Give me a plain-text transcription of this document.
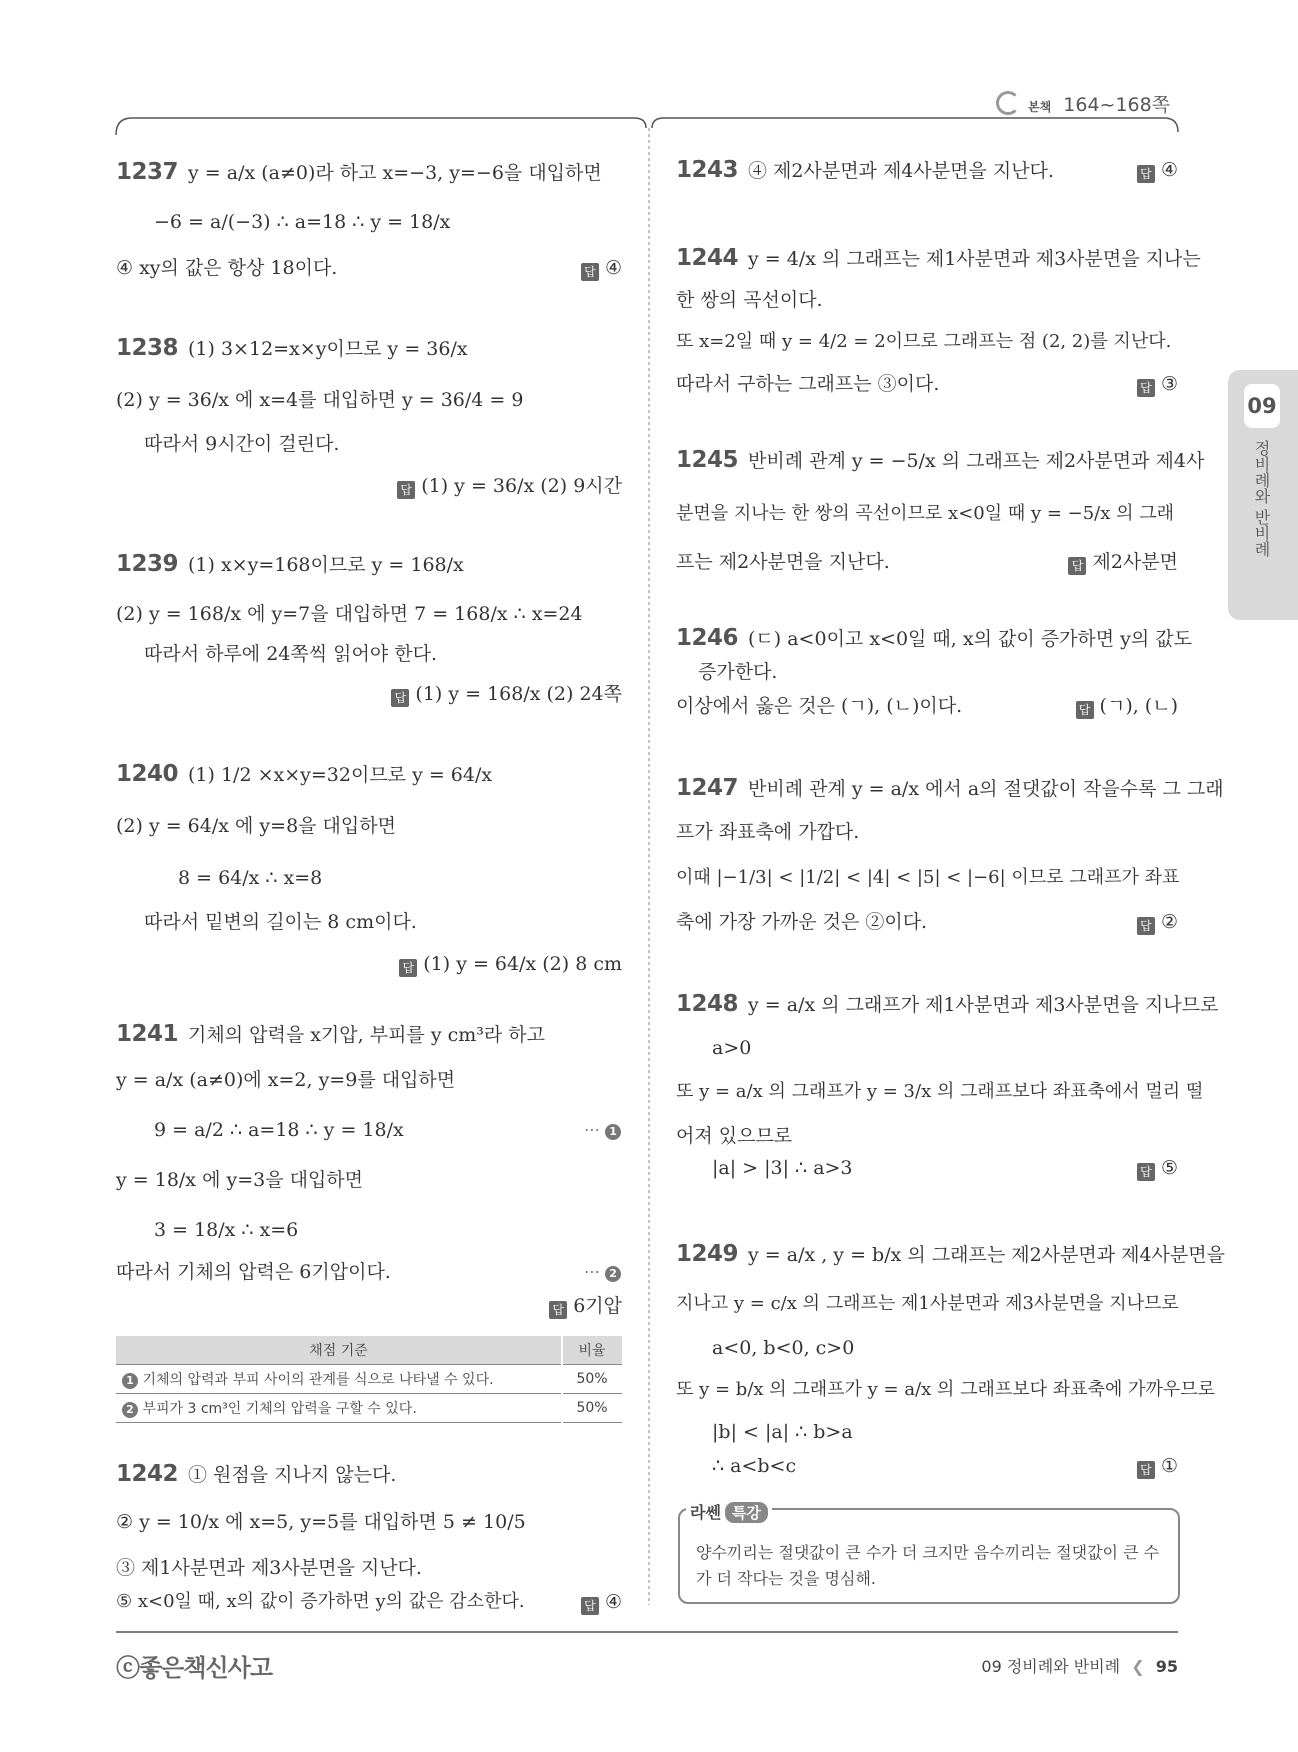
본책 164~168쪽
09
정비례와 반비례
1237 y = a/x (a≠0)라 하고 x=−3, y=−6을 대입하면
−6 = a/(−3) ∴ a=18 ∴ y = 18/x
④ xy의 값은 항상 18이다.	답 ④
1238 (1) 3×12=x×y이므로 y = 36/x
(2) y = 36/x 에 x=4를 대입하면 y = 36/4 = 9
따라서 9시간이 걸린다.
답 (1) y = 36/x (2) 9시간
1239 (1) x×y=168이므로 y = 168/x
(2) y = 168/x 에 y=7을 대입하면 7 = 168/x ∴ x=24
따라서 하루에 24쪽씩 읽어야 한다.
답 (1) y = 168/x (2) 24쪽
1240 (1) 1/2 ×x×y=32이므로 y = 64/x
(2) y = 64/x 에 y=8을 대입하면
8 = 64/x ∴ x=8
따라서 밑변의 길이는 8 cm이다.
답 (1) y = 64/x (2) 8 cm
1241 기체의 압력을 x기압, 부피를 y cm³라 하고
y = a/x (a≠0)에 x=2, y=9를 대입하면
9 = a/2 ∴ a=18 ∴ y = 18/x	⋯ 1
y = 18/x 에 y=3을 대입하면
3 = 18/x ∴ x=6
따라서 기체의 압력은 6기압이다.	⋯ 2
답 6기압
채점 기준	비율
1 기체의 압력과 부피 사이의 관계를 식으로 나타낼 수 있다.	50%
2 부피가 3 cm³인 기체의 압력을 구할 수 있다.	50%
1242 ① 원점을 지나지 않는다.
② y = 10/x 에 x=5, y=5를 대입하면 5 ≠ 10/5
③ 제1사분면과 제3사분면을 지난다.
⑤ x<0일 때, x의 값이 증가하면 y의 값은 감소한다.	답 ④
1243 ④ 제2사분면과 제4사분면을 지난다.	답 ④
1244 y = 4/x 의 그래프는 제1사분면과 제3사분면을 지나는
한 쌍의 곡선이다.
또 x=2일 때 y = 4/2 = 2이므로 그래프는 점 (2, 2)를 지난다.
따라서 구하는 그래프는 ③이다.	답 ③
1245 반비례 관계 y = −5/x 의 그래프는 제2사분면과 제4사
분면을 지나는 한 쌍의 곡선이므로 x<0일 때 y = −5/x 의 그래
프는 제2사분면을 지난다.	답 제2사분면
1246 (ㄷ) a<0이고 x<0일 때, x의 값이 증가하면 y의 값도
증가한다.
이상에서 옳은 것은 (ㄱ), (ㄴ)이다.	답 (ㄱ), (ㄴ)
1247 반비례 관계 y = a/x 에서 a의 절댓값이 작을수록 그 그래
프가 좌표축에 가깝다.
이때 |−1/3| < |1/2| < |4| < |5| < |−6| 이므로 그래프가 좌표
축에 가장 가까운 것은 ②이다.	답 ②
1248 y = a/x 의 그래프가 제1사분면과 제3사분면을 지나므로
a>0
또 y = a/x 의 그래프가 y = 3/x 의 그래프보다 좌표축에서 멀리 떨
어져 있으므로
|a| > |3| ∴ a>3	답 ⑤
1249 y = a/x , y = b/x 의 그래프는 제2사분면과 제4사분면을
지나고 y = c/x 의 그래프는 제1사분면과 제3사분면을 지나므로
a<0, b<0, c>0
또 y = b/x 의 그래프가 y = a/x 의 그래프보다 좌표축에 가까우므로
|b| < |a| ∴ b>a
∴ a<b<c	답 ①
라쎈 특강
양수끼리는 절댓값이 큰 수가 더 크지만 음수끼리는 절댓값이 큰 수가 더 작다는 것을 명심해.
ⓒ좋은책신사고	09 정비례와 반비례 ❮ 95
